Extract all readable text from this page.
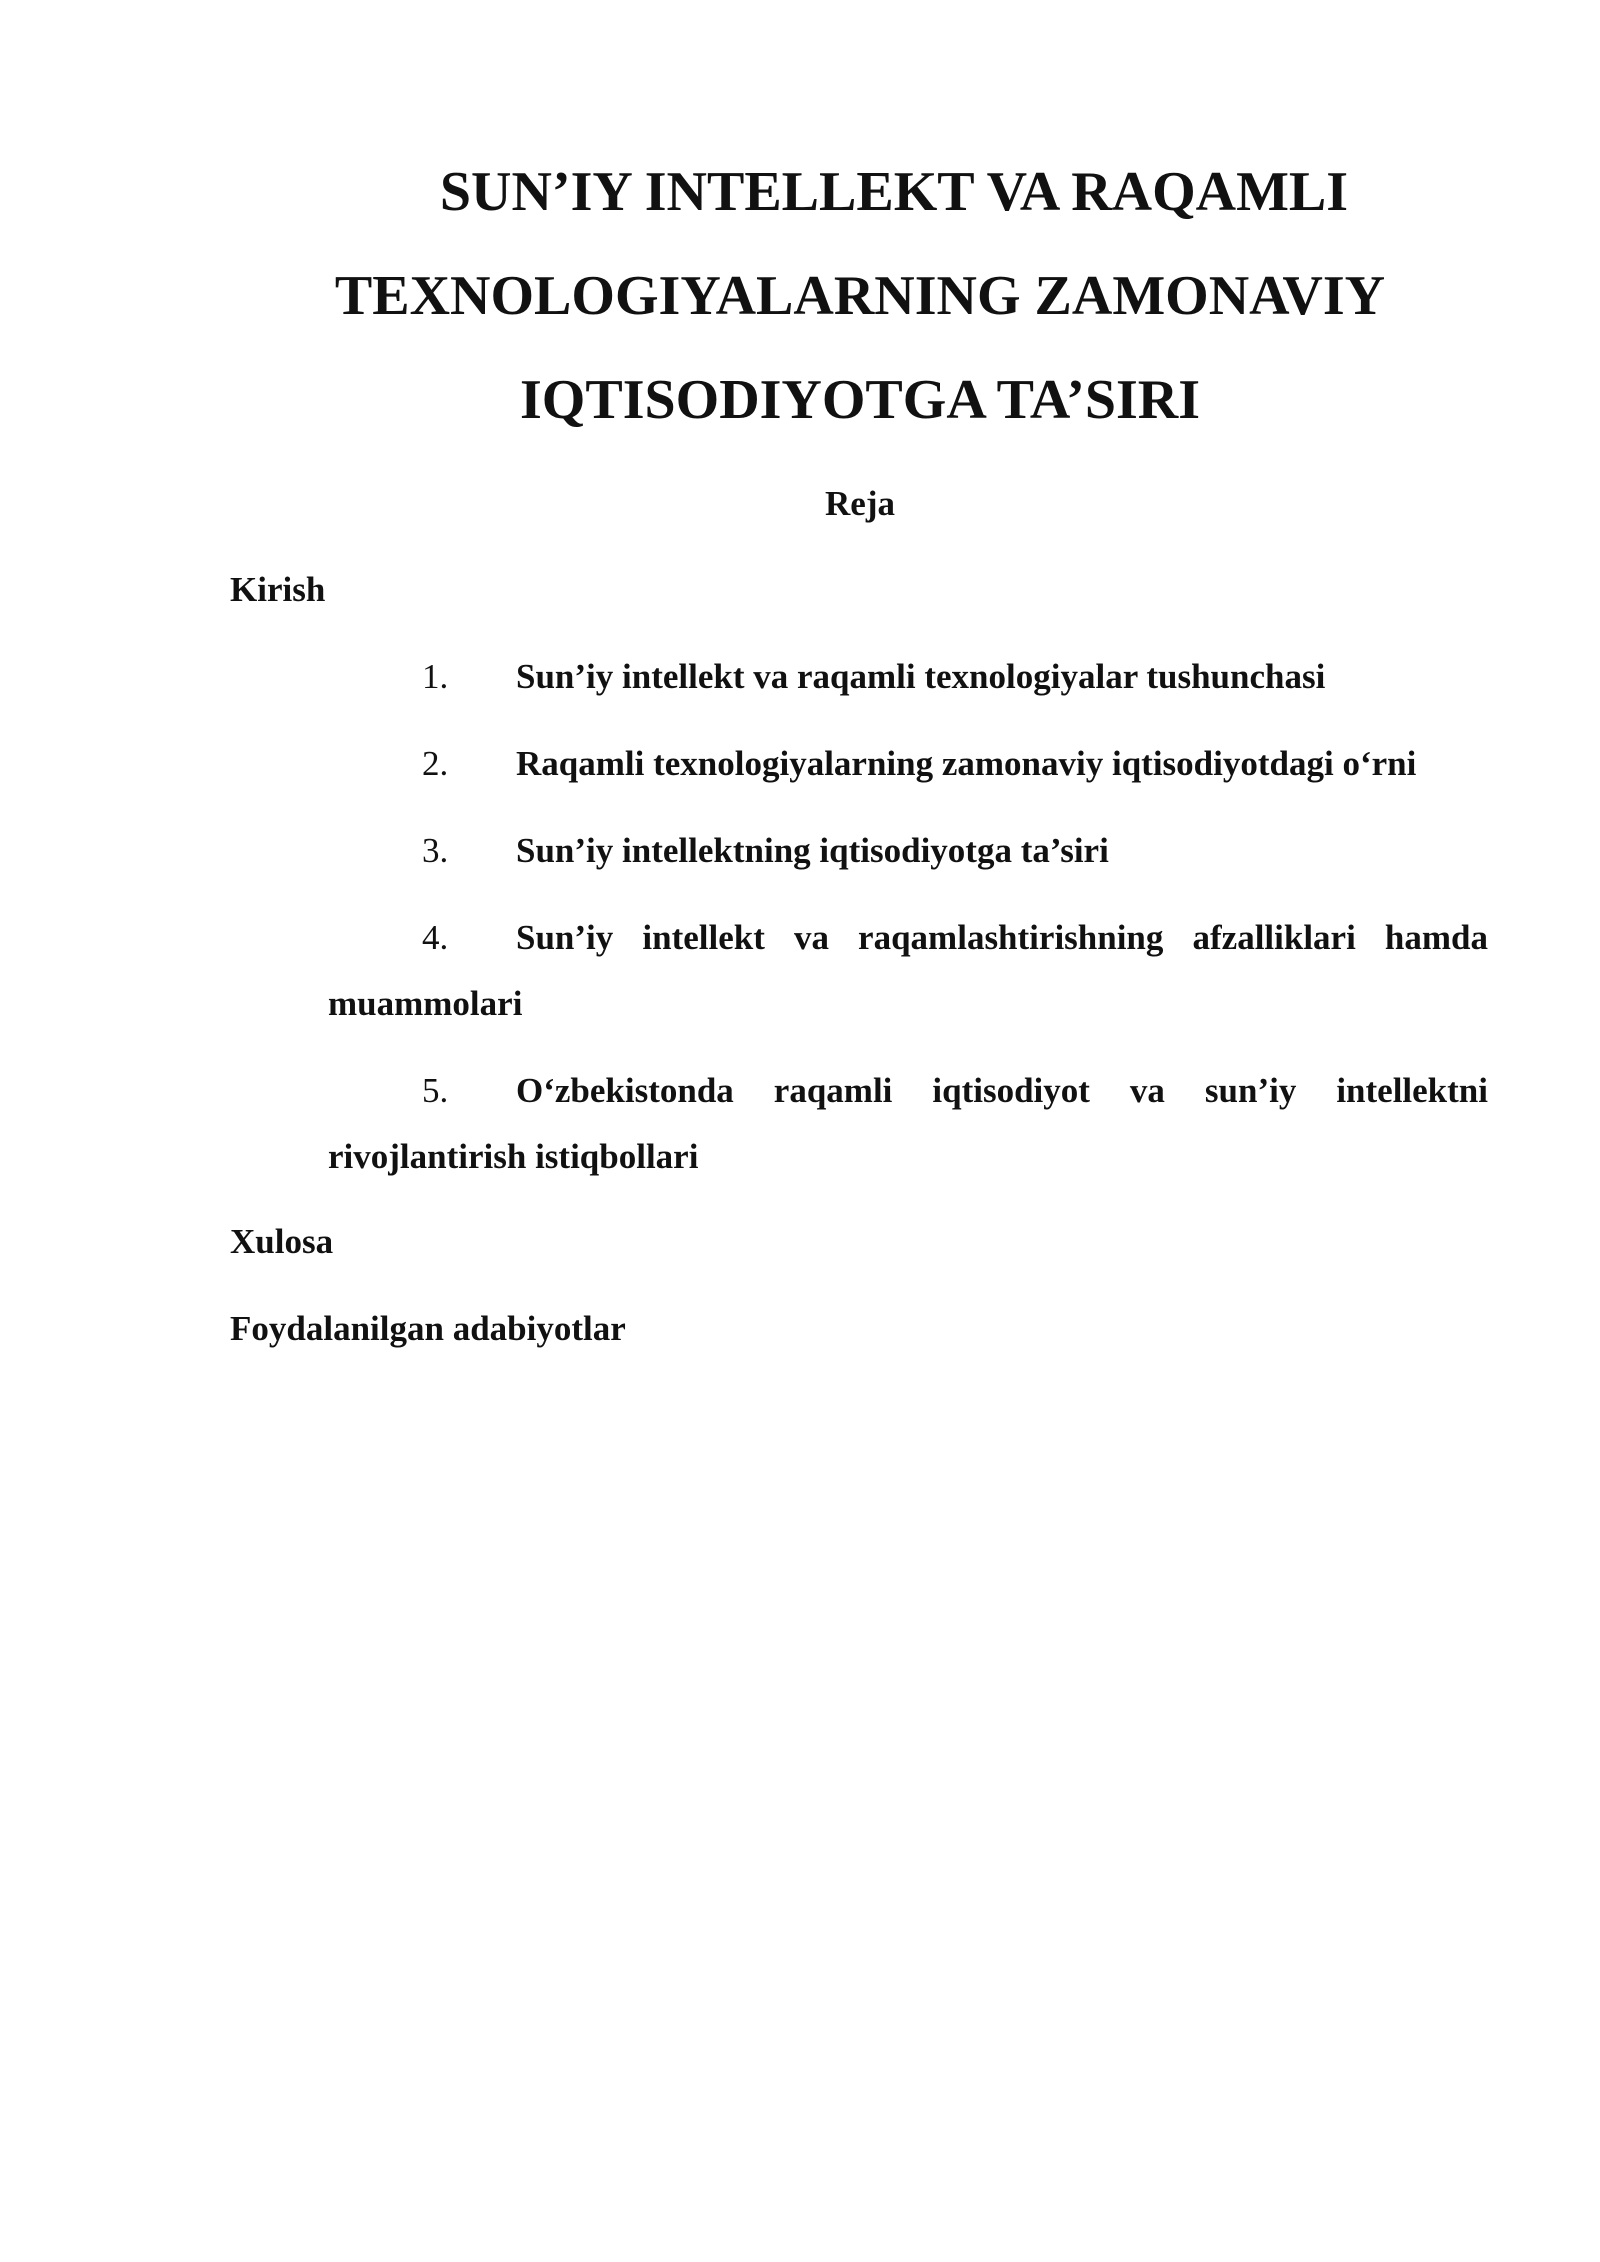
SUN’IY INTELLEKT VA RAQAMLI
TEXNOLOGIYALARNING ZAMONAVIY
IQTISODIYOTGA TA’SIRI
Reja
Kirish
1.	Sun’iy intellekt va raqamli texnologiyalar tushunchasi
2.	Raqamli texnologiyalarning zamonaviy iqtisodiyotdagi o‘rni
3.	Sun’iy intellektning iqtisodiyotga ta’siri
4.	Sun’iy intellekt va raqamlashtirishning afzalliklari hamda muammolari
5.	O‘zbekistonda raqamli iqtisodiyot va sun’iy intellektni rivojlantirish istiqbollari
Xulosa
Foydalanilgan adabiyotlar
